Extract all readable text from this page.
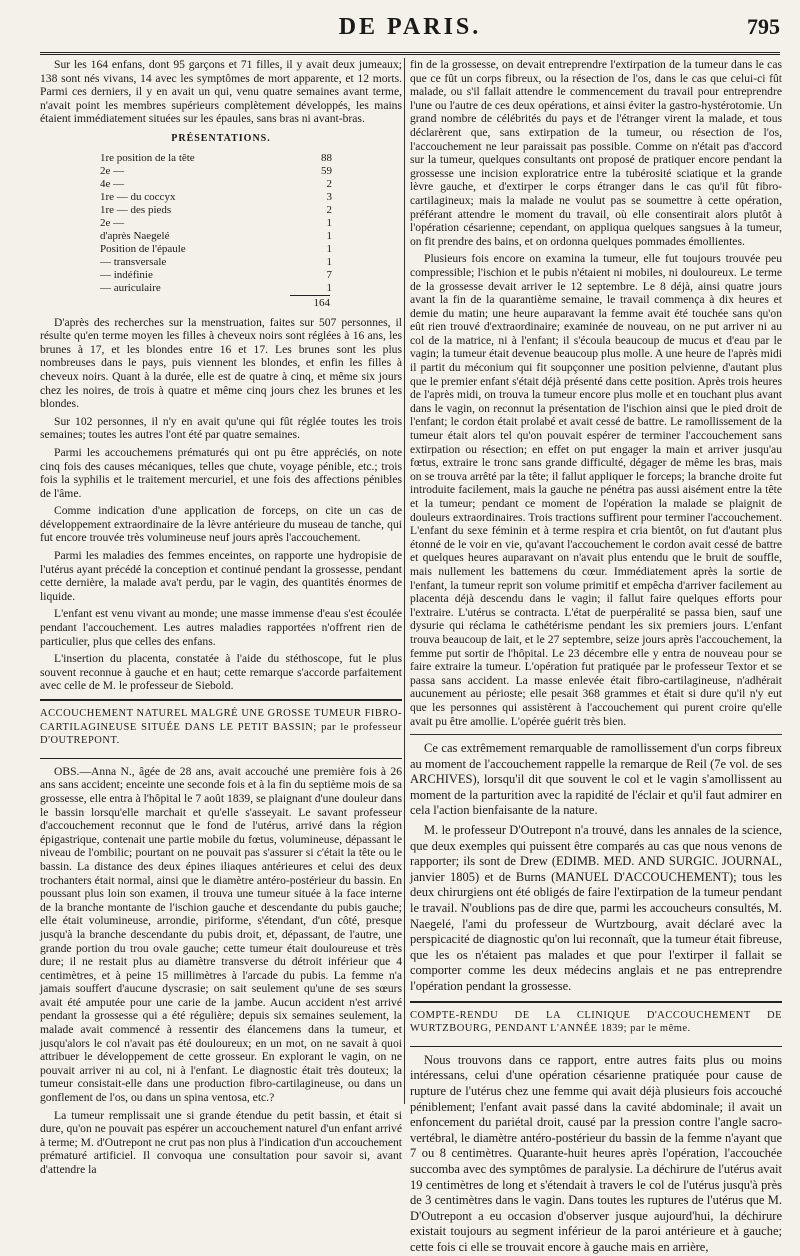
DE PARIS.	795

Sur les 164 enfans, dont 95 garçons et 71 filles, il y avait deux jumeaux; 138 sont nés vivans, 14 avec les symptômes de mort apparente, et 12 morts. Parmi ces derniers, il y en avait un qui, venu quatre semaines avant terme, n'avait point les membres supérieurs complètement développés, les mains étaient immédiatement situées sur les épaules, sans bras ni avant-bras.

PRÉSENTATIONS.
1re position de la tête	88
2e —	59
4e —	2
1re — du coccyx	3
1re — des pieds	2
2e —	1
d'après Naegelé	1
Position de l'épaule	1
— transversale	1
— indéfinie	7
— auriculaire	1
164

D'après des recherches sur la menstruation, faites sur 507 personnes, il résulte qu'en terme moyen les filles à cheveux noirs sont réglées à 16 ans, les brunes à 17, et les blondes entre 16 et 17. Les brunes sont les plus nombreuses dans le pays, puis viennent les blondes, et enfin les filles à cheveux noirs. Quant à la durée, elle est de quatre à cinq, et même six jours chez les noires, de trois à quatre et même cinq jours chez les brunes et les blondes.

Sur 102 personnes, il n'y en avait qu'une qui fût réglée toutes les trois semaines; toutes les autres l'ont été par quatre semaines.

Parmi les accouchemens prématurés qui ont pu être appréciés, on note cinq fois des causes mécaniques, telles que chute, voyage pénible, etc.; trois fois la syphilis et le traitement mercuriel, et une fois des affections pénibles de l'âme.

Comme indication d'une application de forceps, on cite un cas de développement extraordinaire de la lèvre antérieure du museau de tanche, qui fut encore trouvée très volumineuse neuf jours après l'accouchement.

Parmi les maladies des femmes enceintes, on rapporte une hydropisie de l'utérus ayant précédé la conception et continué pendant la grossesse, pendant cette dernière, la malade ava't perdu, par le vagin, des quantités énormes de liquide.

L'enfant est venu vivant au monde; une masse immense d'eau s'est écoulée pendant l'accouchement. Les autres maladies rapportées n'offrent rien de particulier, plus que celles des enfans.

L'insertion du placenta, constatée à l'aide du stéthoscope, fut le plus souvent reconnue à gauche et en haut; cette remarque s'accorde parfaitement avec celle de M. le professeur de Siebold.

ACCOUCHEMENT NATUREL MALGRÉ UNE GROSSE TUMEUR FIBRO-CARTILAGINEUSE SITUÉE DANS LE PETIT BASSIN; par le professeur D'OUTREPONT.

OBS.—Anna N., âgée de 28 ans, avait accouché une première fois à 26 ans sans accident; enceinte une seconde fois et à la fin du septième mois de sa grossesse, elle entra à l'hôpital le 7 août 1839, se plaignant d'une douleur dans le bassin lorsqu'elle marchait et qu'elle s'asseyait. Le savant professeur d'accouchement reconnut que le fond de l'utérus, arrivé dans la région épigastrique, contenait une partie mobile du fœtus, volumineuse, dépassant le niveau de l'ombilic; pourtant on ne pouvait pas s'assurer si c'était la tête ou le bassin. La distance des deux épines iliaques antérieures et celui des deux trochanters était normal, ainsi que le diamètre antéro-postérieur du bassin. En poussant plus loin son examen, il trouva une tumeur située à la face interne de la branche montante de l'ischion gauche et descendante du pubis gauche; elle était volumineuse, arrondie, piriforme, s'étendant, d'un côté, presque jusqu'à la branche descendante du pubis droit, et, dépassant, de l'autre, une grande portion du trou ovale gauche; cette tumeur était douloureuse et très dure; il ne restait plus au diamètre transverse du détroit inférieur que 4 centimètres, et à peine 15 millimètres à l'arcade du pubis. La femme n'a jamais souffert d'aucune dyscrasie; on sait seulement qu'une de ses sœurs avait été amputée pour une carie de la jambe. Aucun accident n'est arrivé pendant la grossesse qui a été régulière; depuis six semaines seulement, la malade avait commencé à ressentir des élancemens dans la tumeur, et jusqu'alors le col n'avait pas été douloureux; en un mot, on ne savait à quoi attribuer le développement de cette grosseur. En explorant le vagin, on ne pouvait arriver ni au col, ni à l'enfant. Le diagnostic était très douteux; la tumeur consistait-elle dans une production fibro-cartilagineuse, ou dans un gonflement de l'os, ou dans un spina ventosa, etc.?

La tumeur remplissait une si grande étendue du petit bassin, et était si dure, qu'on ne pouvait pas espérer un accouchement naturel d'un enfant arrivé à terme; M. d'Outrepont ne crut pas non plus à l'indication d'un accouchement prématuré artificiel. Il convoqua une consultation pour savoir si, avant d'attendre la

fin de la grossesse, on devait entreprendre l'extirpation de la tumeur dans le cas que ce fût un corps fibreux, ou la résection de l'os, dans le cas que celui-ci fût malade, ou s'il fallait attendre le commencement du travail pour entreprendre l'une ou l'autre de ces deux opérations, et ainsi éviter la gastro-hystérotomie. Un grand nombre de célébrités du pays et de l'étranger virent la malade, et tous déclarèrent que, sans extirpation de la tumeur, ou résection de l'os, l'accouchement ne leur paraissait pas possible. Comme on n'était pas d'accord sur la tumeur, quelques consultants ont proposé de pratiquer encore pendant la grossesse une incision exploratrice entre la tubérosité sciatique et la grande lèvre gauche, et d'extirper le corps étranger dans le cas qu'il fût fibro-cartilagineux; mais la malade ne voulut pas se soumettre à cette opération, préférant attendre le moment du travail, où elle consentirait alors plutôt à l'opération césarienne; cependant, on appliqua quelques sangsues à la tumeur, on fit prendre des bains, et on ordonna quelques pommades émollientes.

Plusieurs fois encore on examina la tumeur, elle fut toujours trouvée peu compressible; l'ischion et le pubis n'étaient ni mobiles, ni douloureux. Le terme de la grossesse devait arriver le 12 septembre. Le 8 déjà, ainsi quatre jours avant la fin de la quarantième semaine, le travail commença à dix heures et demie du matin; une heure auparavant la femme avait été touchée sans qu'on eût rien trouvé d'extraordinaire; examinée de nouveau, on ne put arriver ni au col de la matrice, ni à l'enfant; il s'écoula beaucoup de mucus et d'eau par le vagin; la tumeur était devenue beaucoup plus molle. A une heure de l'après midi il partit du méconium qui fit soupçonner une position pelvienne, d'autant plus que le premier enfant s'était déjà présenté dans cette position. Après trois heures de l'après midi, on trouva la tumeur encore plus molle et en touchant plus avant dans le vagin, on reconnut la présentation de l'ischion ainsi que le pied droit de l'enfant; le cordon était prolabé et avait cessé de battre. Le ramollissement de la tumeur était alors tel qu'on pouvait espérer de terminer l'accouchement sans extirpation ou résection; en effet on put engager la main et arriver jusqu'au fœtus, extraire le tronc sans grande difficulté, dégager de même les bras, mais on se trouva arrêté par la tête; il fallut appliquer le forceps; la branche droite fut introduite facilement, mais la gauche ne pénétra pas aussi aisément entre la tête et la tumeur; pendant ce moment de l'opération la malade se plaignit de douleurs extraordinaires. Trois tractions suffirent pour terminer l'accouchement. L'enfant du sexe féminin et à terme respira et cria bientôt, on fut d'autant plus étonné de le voir en vie, qu'avant l'accouchement le cordon avait cessé de battre et quelques heures auparavant on n'avait plus entendu que le bruit de souffle, mais nullement les battemens du cœur. Immédiatement après la sortie de l'enfant, la tumeur reprit son volume primitif et empêcha d'arriver facilement au placenta déjà descendu dans le vagin; il fallut faire quelques efforts pour l'extraire. L'utérus se contracta. L'état de puerpéralité se passa bien, sauf une dysurie qui réclama le cathétérisme pendant les six premiers jours. L'enfant trouva beaucoup de lait, et le 27 septembre, seize jours après l'accouchement, la femme put sortir de l'hôpital. Le 23 décembre elle y entra de nouveau pour se faire extraire la tumeur. L'opération fut pratiquée par le professeur Textor et se passa sans accident. La masse enlevée était fibro-cartilagineuse, n'adhérait aucunement au périoste; elle pesait 368 grammes et était si dure qu'il n'y eut que les personnes qui assistèrent à l'accouchement qui purent croire qu'elle avait pu être amollie. L'opérée guérit très bien.

Ce cas extrêmement remarquable de ramollissement d'un corps fibreux au moment de l'accouchement rappelle la remarque de Reil (7e vol. de ses ARCHIVES), lorsqu'il dit que souvent le col et le vagin s'amollissent au moment de la parturition avec la rapidité de l'éclair et qu'il faut admirer en cela l'action bienfaisante de la nature.

M. le professeur D'Outrepont n'a trouvé, dans les annales de la science, que deux exemples qui puissent être comparés au cas que nous venons de rapporter; ils sont de Drew (EDIMB. MED. AND SURGIC. JOURNAL, janvier 1805) et de Burns (MANUEL D'ACCOUCHEMENT); tous les deux chirurgiens ont été obligés de faire l'extirpation de la tumeur pendant le travail. N'oublions pas de dire que, parmi les accoucheurs consultés, M. Naegelé, l'ami du professeur de Wurtzbourg, avait déclaré avec la perspicacité de diagnostic qu'on lui reconnaît, que la tumeur était fibreuse, que les os n'étaient pas malades et que pour l'extirper il fallait se comporter comme les deux médecins anglais et ne pas entreprendre l'opération pendant la grossesse.

COMPTE-RENDU DE LA CLINIQUE D'ACCOUCHEMENT DE WURTZBOURG, PENDANT L'ANNÉE 1839; par le même.

Nous trouvons dans ce rapport, entre autres faits plus ou moins intéressans, celui d'une opération césarienne pratiquée pour cause de rupture de l'utérus chez une femme qui avait déjà plusieurs fois accouché péniblement; l'enfant avait passé dans la cavité abdominale; il avait un enfoncement du pariétal droit, causé par la pression contre l'angle sacro-vertébral, le diamètre antéro-postérieur du bassin de la femme n'ayant que 7 ou 8 centimètres. Quarante-huit heures après l'opération, l'accouchée succomba avec des symptômes de paralysie. La déchirure de l'utérus avait 19 centimètres de long et s'étendait à travers le col de l'utérus jusqu'à près de 3 centimètres dans le vagin. Dans toutes les ruptures de l'utérus que M. D'Outrepont a eu occasion d'observer jusque aujourd'hui, la déchirure existait toujours au segment inférieur de la paroi antérieure et à gauche; cette fois ci elle se trouvait encore à gauche mais en arrière,
